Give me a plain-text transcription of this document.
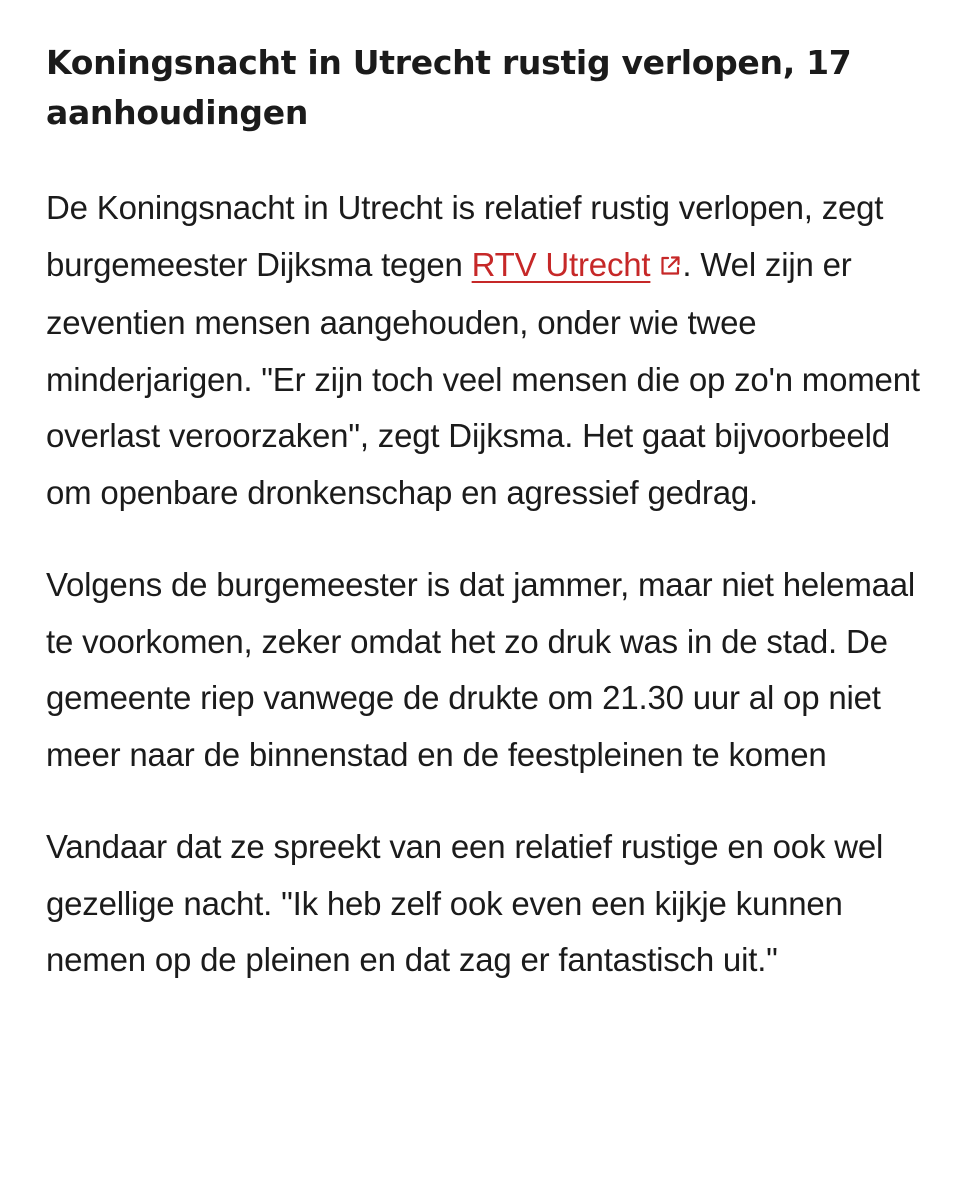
Koningsnacht in Utrecht rustig verlopen, 17 aanhoudingen

De Koningsnacht in Utrecht is relatief rustig verlopen, zegt burgemeester Dijksma tegen RTV Utrecht . Wel zijn er zeventien mensen aangehouden, onder wie twee minderjarigen. "Er zijn toch veel mensen die op zo'n moment overlast veroorzaken", zegt Dijksma. Het gaat bijvoorbeeld om openbare dronkenschap en agressief gedrag.

Volgens de burgemeester is dat jammer, maar niet helemaal te voorkomen, zeker omdat het zo druk was in de stad. De gemeente riep vanwege de drukte om 21.30 uur al op niet meer naar de binnenstad en de feestpleinen te komen

Vandaar dat ze spreekt van een relatief rustige en ook wel gezellige nacht. "Ik heb zelf ook even een kijkje kunnen nemen op de pleinen en dat zag er fantastisch uit."
